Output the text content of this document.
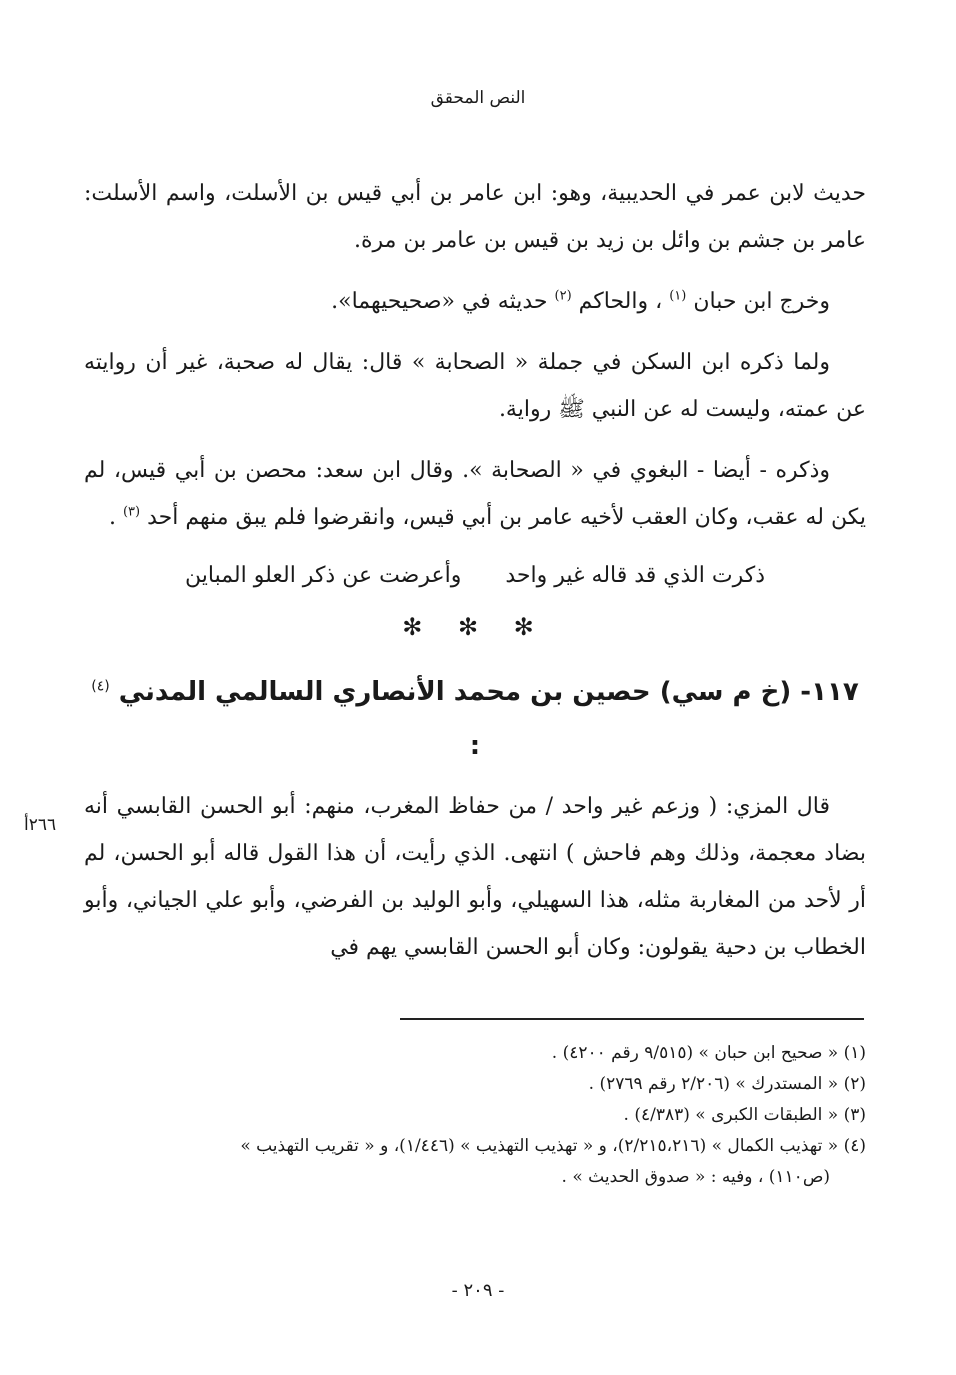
النص المحقق

حديث لابن عمر في الحديبية، وهو: ابن عامر بن أبي قيس بن الأسلت، واسم الأسلت: عامر بن جشم بن وائل بن زيد بن قيس بن عامر بن مرة.

وخرج ابن حبان $^{(١)}$ ، والحاكم $^{(٢)}$ حديثه في «صحيحيهما».

ولما ذكره ابن السكن في جملة « الصحابة » قال: يقال له صحبة، غير أن روايته عن عمته، وليست له عن النبي ﷺ رواية.

وذكره - أيضا - البغوي في « الصحابة ». وقال ابن سعد: محصن بن أبي قيس، لم يكن له عقب، وكان العقب لأخيه عامر بن أبي قيس، وانقرضوا فلم يبق منهم أحد $^{(٣)}$ .

ذكرت الذي قد قاله غير واحد
وأعرضت عن ذكر العلو المباين
✻ ✻ ✻
١١٧- (خ م سي) حصين بن محمد الأنصاري السالمي المدني $^{(٤)}$ :

قال المزي: ( وزعم غير واحد / من حفاظ المغرب، منهم: أبو الحسن القابسي أنه بضاد معجمة، وذلك وهم فاحش ) انتهى. الذي رأيت، أن هذا القول قاله أبو الحسن، لم أر لأحد من المغاربة مثله، هذا السهيلي، وأبو الوليد بن الفرضي، وأبو علي الجياني، وأبو الخطاب بن دحية يقولون: وكان أبو الحسن القابسي يهم في

٢٦٦أ

(١) « صحيح ابن حبان » (٩/٥١٥ رقم ٤٢٠٠) .

(٢) « المستدرك » (٢/٢٠٦ رقم ٢٧٦٩) .

(٣) « الطبقات الكبرى » (٤/٣٨٣) .

(٤) « تهذيب الكمال » (٢/٢١٥،٢١٦)، و « تهذيب التهذيب » (١/٤٤٦)، و « تقريب التهذيب »

(ص١١٠) ، وفيه : « صدوق الحديث » .

- ٢٠٩ -
